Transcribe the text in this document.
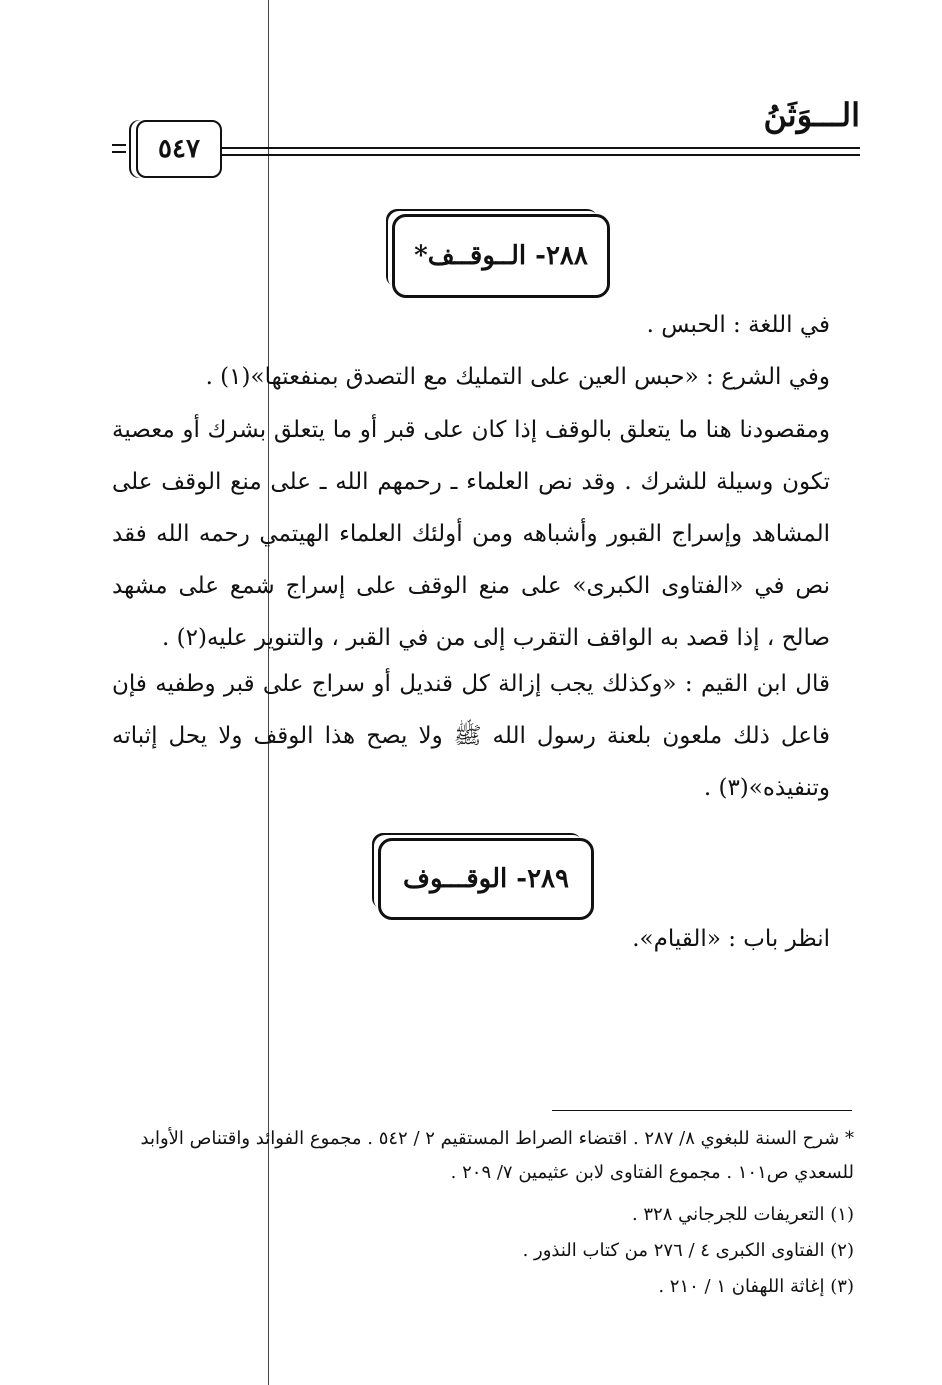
الـــوَثَنُ
٥٤٧
٢٨٨- الــوقــف*
في اللغة : الحبس .
وفي الشرع : «حبس العين على التمليك مع التصدق بمنفعتها»(١) .
ومقصودنا هنا ما يتعلق بالوقف إذا كان على قبر أو ما يتعلق بشرك أو معصية تكون وسيلة للشرك . وقد نص العلماء ـ رحمهم الله ـ على منع الوقف على المشاهد وإسراج القبور وأشباهه ومن أولئك العلماء الهيتمي رحمه الله فقد نص في «الفتاوى الكبرى» على منع الوقف على إسراج شمع على مشهد صالح ، إذا قصد به الواقف التقرب إلى من في القبر ، والتنوير عليه(٢) .
قال ابن القيم : «وكذلك يجب إزالة كل قنديل أو سراج على قبر وطفيه فإن فاعل ذلك ملعون بلعنة رسول الله ﷺ ولا يصح هذا الوقف ولا يحل إثباته وتنفيذه»(٣) .
٢٨٩- الوقـــوف
انظر باب : «القيام».
* شرح السنة للبغوي ٨/ ٢٨٧ . اقتضاء الصراط المستقيم ٢ / ٥٤٢ . مجموع الفوائد واقتناص الأوابد للسعدي ص١٠١ . مجموع الفتاوى لابن عثيمين ٧/ ٢٠٩ .
(١) التعريفات للجرجاني ٣٢٨ .
(٢) الفتاوى الكبرى ٤ / ٢٧٦ من كتاب النذور .
(٣) إغاثة اللهفان ١ / ٢١٠ .
